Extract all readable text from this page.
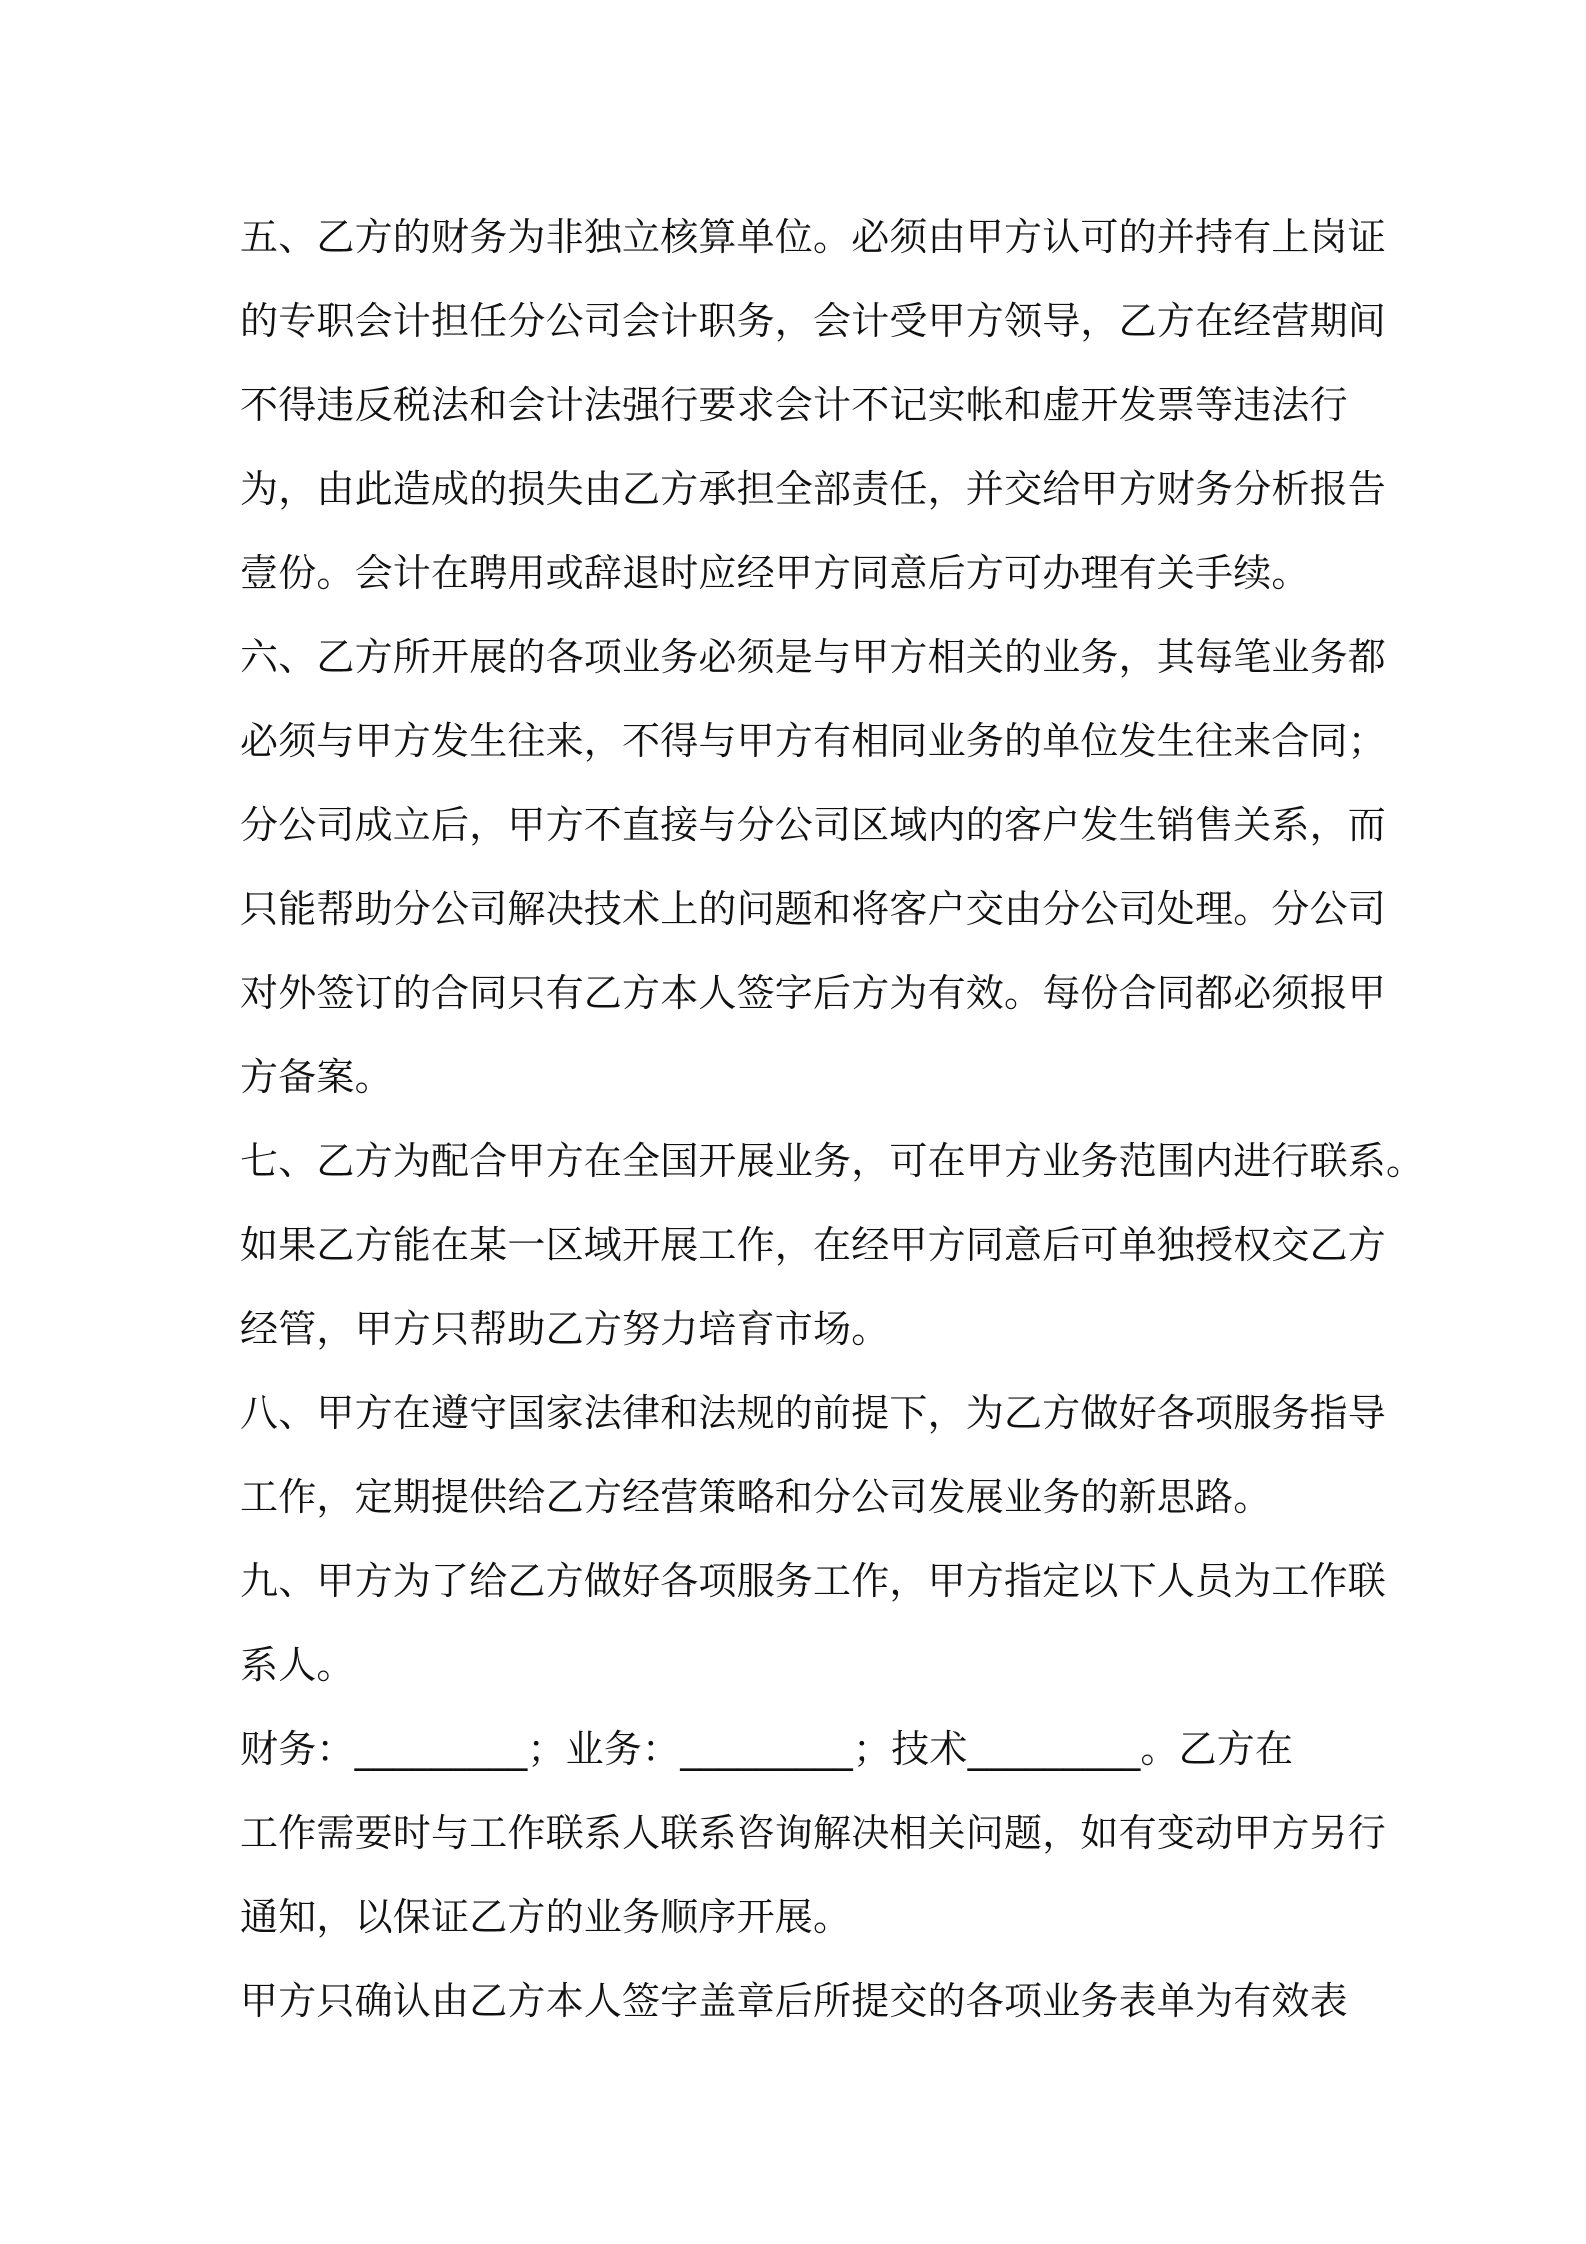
五、乙方的财务为非独立核算单位。必须由甲方认可的并持有上岗证
的专职会计担任分公司会计职务，会计受甲方领导，乙方在经营期间
不得违反税法和会计法强行要求会计不记实帐和虚开发票等违法行
为，由此造成的损失由乙方承担全部责任，并交给甲方财务分析报告
壹份。会计在聘用或辞退时应经甲方同意后方可办理有关手续。
六、乙方所开展的各项业务必须是与甲方相关的业务，其每笔业务都
必须与甲方发生往来，不得与甲方有相同业务的单位发生往来合同；
分公司成立后，甲方不直接与分公司区域内的客户发生销售关系，而
只能帮助分公司解决技术上的问题和将客户交由分公司处理。分公司
对外签订的合同只有乙方本人签字后方为有效。每份合同都必须报甲
方备案。
七、乙方为配合甲方在全国开展业务，可在甲方业务范围内进行联系。
如果乙方能在某一区域开展工作，在经甲方同意后可单独授权交乙方
经管，甲方只帮助乙方努力培育市场。
八、甲方在遵守国家法律和法规的前提下，为乙方做好各项服务指导
工作，定期提供给乙方经营策略和分公司发展业务的新思路。
九、甲方为了给乙方做好各项服务工作，甲方指定以下人员为工作联
系人。
财务：_________；业务：_________；技术_________。乙方在
工作需要时与工作联系人联系咨询解决相关问题，如有变动甲方另行
通知，以保证乙方的业务顺序开展。
甲方只确认由乙方本人签字盖章后所提交的各项业务表单为有效表
